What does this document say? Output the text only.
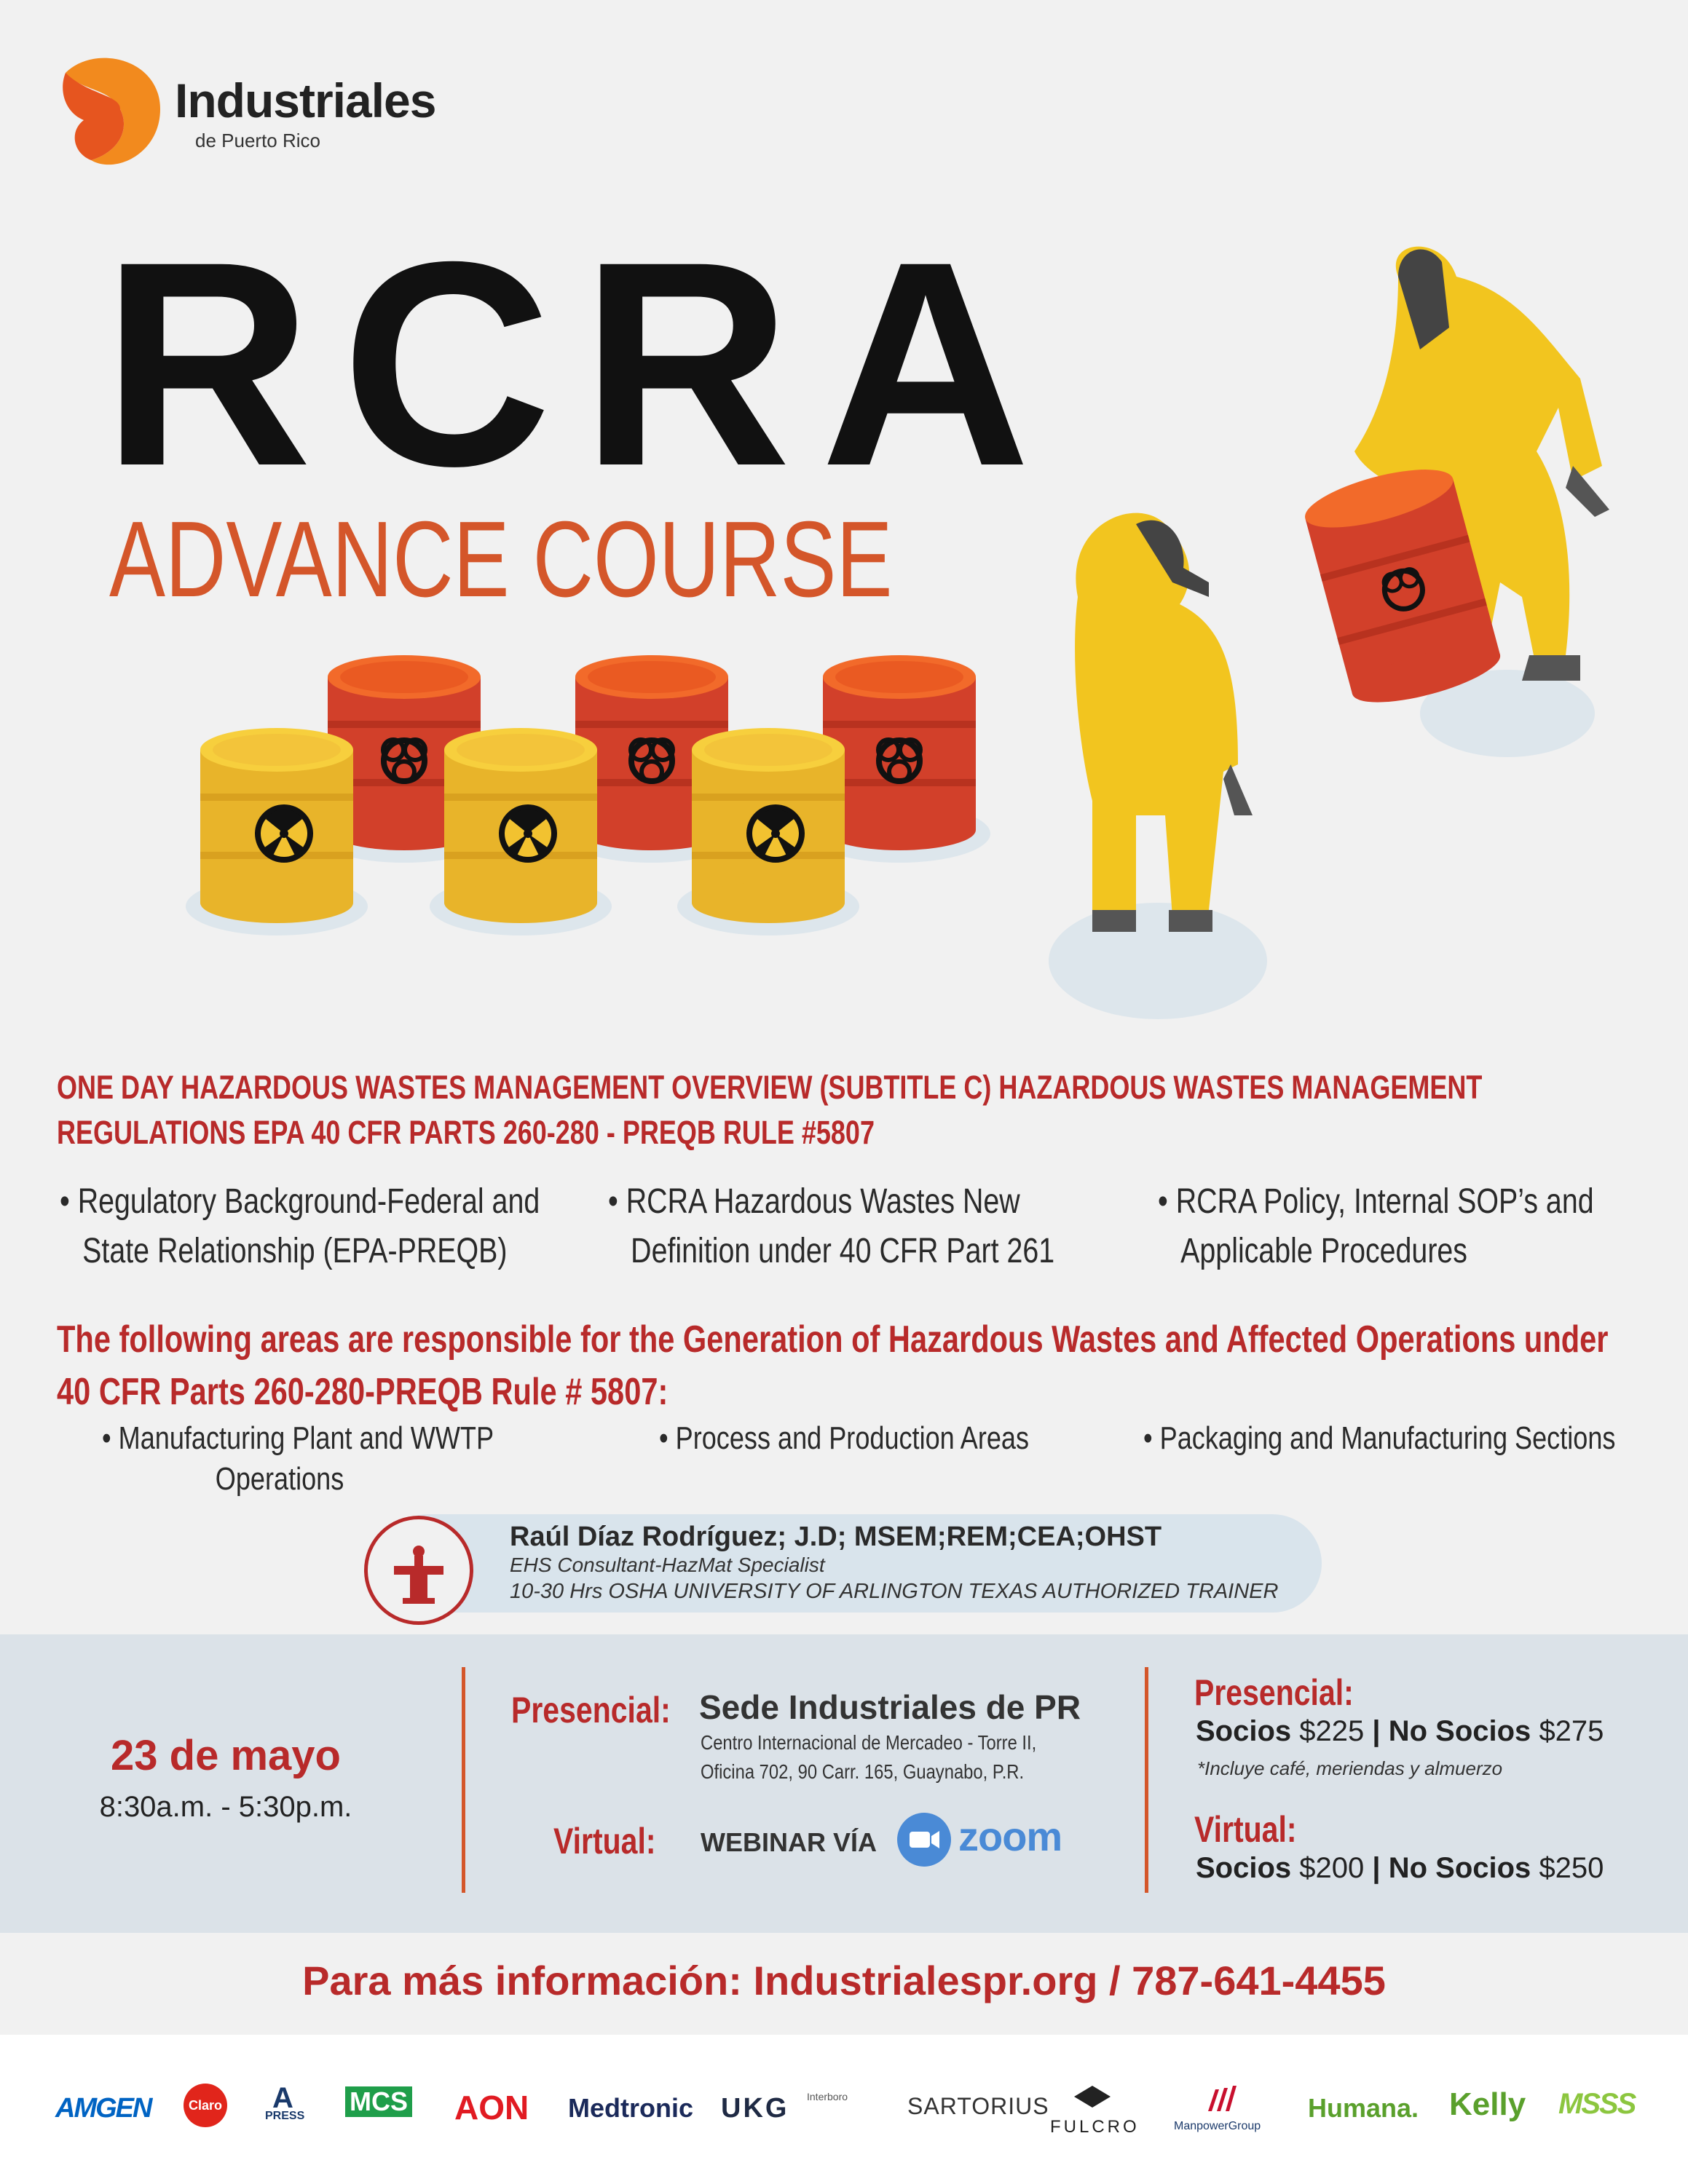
Industriales
de Puerto Rico
RCRA
ADVANCE COURSE
ONE DAY HAZARDOUS WASTES MANAGEMENT OVERVIEW (SUBTITLE C) HAZARDOUS WASTES MANAGEMENT
REGULATIONS EPA 40 CFR PARTS 260-280 - PREQB RULE #5807
• Regulatory Background-Federal and
State Relationship (EPA-PREQB)
• RCRA Hazardous Wastes New
Definition under 40 CFR Part 261
• RCRA Policy, Internal SOP’s and
Applicable Procedures
The following areas are responsible for the Generation of Hazardous Wastes and Affected Operations under
40 CFR Parts 260-280-PREQB Rule # 5807:
• Manufacturing Plant and WWTP
Operations
• Process and Production Areas	• Packaging and Manufacturing Sections
Raúl Díaz Rodríguez; J.D; MSEM;REM;CEA;OHST
EHS Consultant-HazMat Specialist
10-30 Hrs OSHA UNIVERSITY OF ARLINGTON TEXAS AUTHORIZED TRAINER
23 de mayo
8:30a.m. - 5:30p.m.
Presencial: Sede Industriales de PR
Centro Internacional de Mercadeo - Torre II,
Oficina 702, 90 Carr. 165, Guaynabo, P.R.
Virtual: WEBINAR VÍA zoom
Presencial:
Socios $225 | No Socios $275
*Incluye café, meriendas y almuerzo
Virtual:
Socios $200 | No Socios $250
Para más información: Industrialespr.org / 787-641-4455
AMGEN	Claro
PRESS
A MCS AON Medtronic UKG Interboro	SARTORIUS
FULCRO	ManpowerGroup
Humana. Kelly MSSS
